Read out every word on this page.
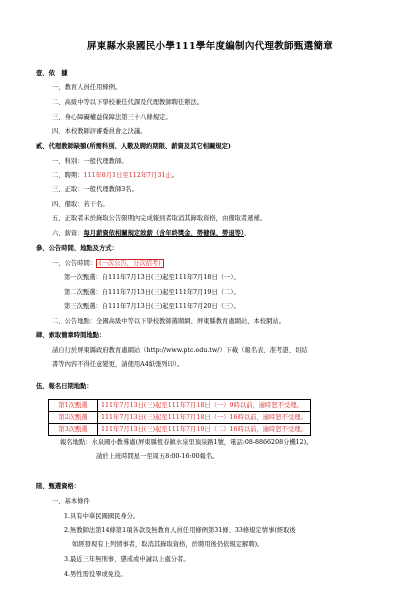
屏東縣水泉國民小學111學年度編制內代理教師甄選簡章
壹、依　據
一、教育人員任用條例。
二、高級中等以下學校兼任代課及代理教師聘任辦法。
三、身心障礙權益保障法第三十八條規定。
四、本校教師評審委員會之決議。
貳、代理教師缺額(所需科別、人數及聘約期限、薪資及其它相關規定)
一、科別：一般代理教師。
二、聘期：111年8月1日至112年7月31止。
三、正取：一般代理教師3名。
四、備取：若干名。
五、正取者未於錄取公告限期內完成報到者取消其錄取資格，由備取者遞補。
六、薪資：每月薪資依相關規定敘薪（含年終獎金、勞健保、勞退等）。
參、公告時間、地點及方式：
一、公告時間： (一次公告，分次招考)
第一次甄選：自111年7月13日(三)起至111年7月18日（一）。
第二次甄選：自111年7月13日(三)起至111年7月19日（二）。
第三次甄選：自111年7月13日(三)起至111年7月20日（三）。
二、公告地點：全國高級中等以下學校教師選聘網、屏東縣教育處網站、本校網站。
肆、索取簡章時間地點：
請自行於屏東縣政府教育處網站（http://www.ptc.edu.tw/）下載（報名表、准考證、切結
書等內容不得任意變更，請使用A4紙張列印）。
伍、報名日期地點：
第1次甄選	111年7月13日(三)起至111年7月18日（一）9時以前，逾時恕不受理。
第2次甄選	111年7月13日(三)起至111年7月18日（一）16時以前，逾時恕不受理。
第3次甄選	111年7月13日(三)起至111年7月19日（二）16時以前，逾時恕不受理。
報名地點：水泉國小教導處(屏東縣恆春鎮水泉里頂泉路1號，電話:08-8866208分機12)。
請於上班時間星一至周五8:00-16:00報名。
陸、甄選資格：
一、基本條件
1.具有中華民國國民身分。
2.無教師法第14條第1項各款及無教育人員任用條例第31條、33條規定情事(經取後
如經發現有上列情事者，取消其錄取資格，於聘用後仍依規定解聘)。
3.最近三年無刑事、懲戒或申誡以上處分者。
4.男性需役畢或免役。
